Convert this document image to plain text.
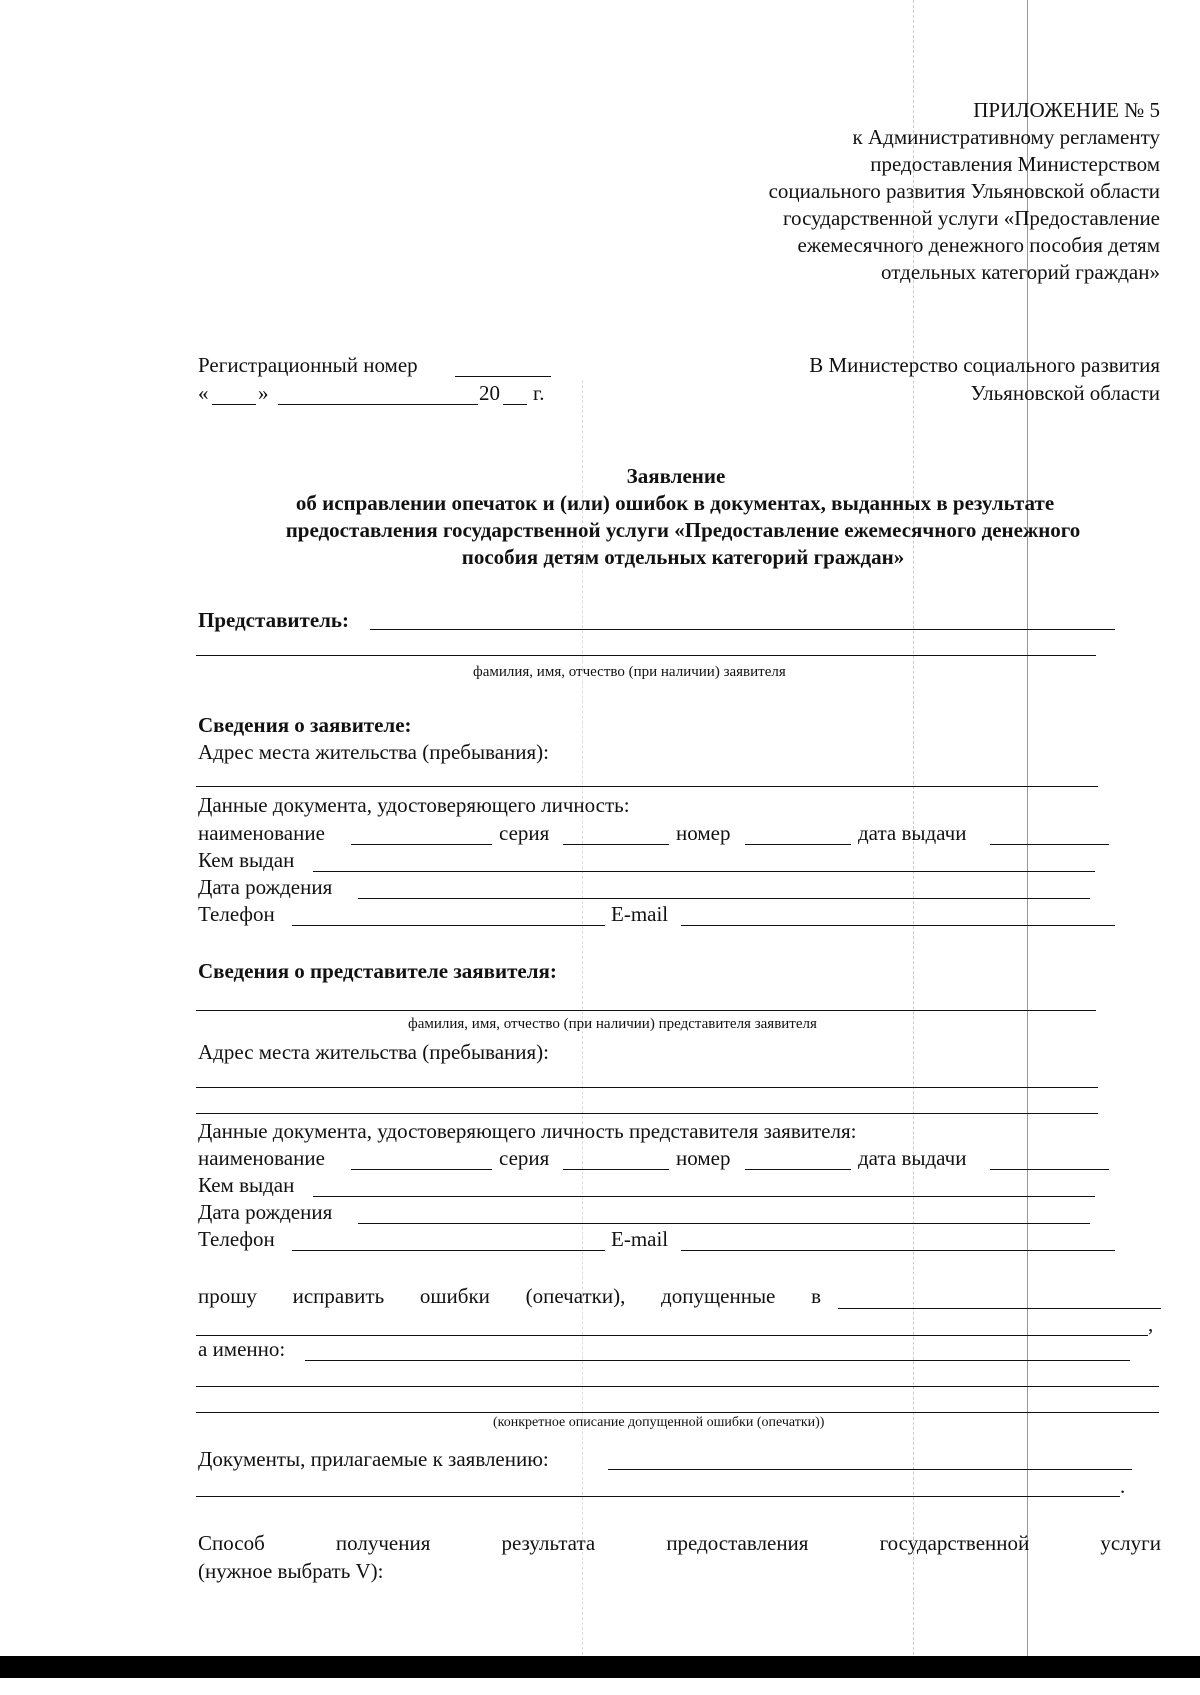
ПРИЛОЖЕНИЕ № 5
к Административному регламенту
предоставления Министерством
социального развития Ульяновской области
государственной услуги «Предоставление
ежемесячного денежного пособия детям
отдельных категорий граждан»
Регистрационный номер
« »	20 г.
В Министерство социального развития
Ульяновской области
Заявление
об исправлении опечаток и (или) ошибок в документах, выданных в результате
предоставления государственной услуги «Предоставление ежемесячного денежного
пособия детям отдельных категорий граждан»
Представитель:
фамилия, имя, отчество (при наличии) заявителя
Сведения о заявителе:
Адрес места жительства (пребывания):
Данные документа, удостоверяющего личность:
наименование	серия	номер	дата выдачи
Кем выдан
Дата рождения
Телефон	E-mail
Сведения о представителе заявителя:
фамилия, имя, отчество (при наличии) представителя заявителя
Адрес места жительства (пребывания):
Данные документа, удостоверяющего личность представителя заявителя:
наименование	серия	номер	дата выдачи
Кем выдан
Дата рождения
Телефон	E-mail
прошу исправить ошибки (опечатки), допущенные в
,
а именно:
(конкретное описание допущенной ошибки (опечатки))
Документы, прилагаемые к заявлению:
.
Способ	получения	результата	предоставления	государственной	услуги
(нужное выбрать V):
